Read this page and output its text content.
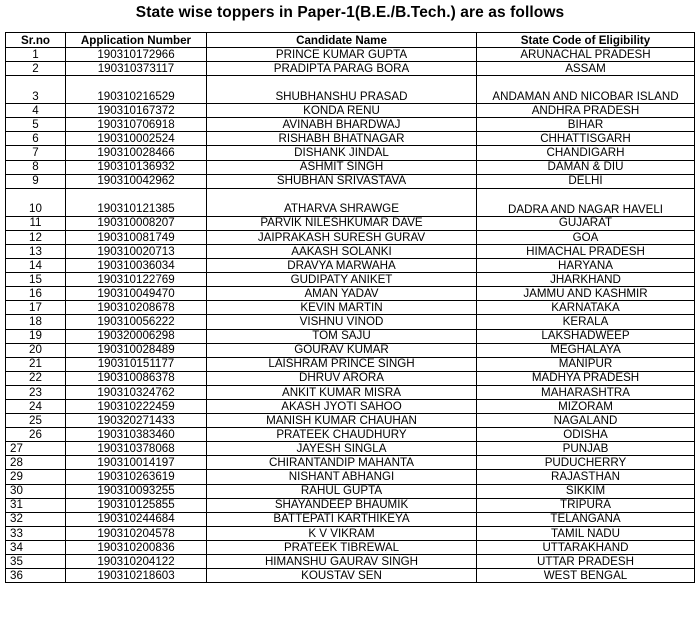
State wise toppers in Paper-1(B.E./B.Tech.) are as follows
Sr.no	Application Number	Candidate Name	State Code of Eligibility
1	190310172966	PRINCE KUMAR GUPTA	ARUNACHAL PRADESH
2	190310373117	PRADIPTA PARAG BORA	ASSAM
3	190310216529	SHUBHANSHU PRASAD	ANDAMAN AND NICOBAR ISLAND
4	190310167372	KONDA RENU	ANDHRA PRADESH
5	190310706918	AVINABH BHARDWAJ	BIHAR
6	190310002524	RISHABH BHATNAGAR	CHHATTISGARH
7	190310028466	DISHANK JINDAL	CHANDIGARH
8	190310136932	ASHMIT SINGH	DAMAN & DIU
9	190310042962	SHUBHAN SRIVASTAVA	DELHI
10	190310121385	ATHARVA SHRAWGE	DADRA AND NAGAR HAVELI
11	190310008207	PARVIK NILESHKUMAR DAVE	GUJARAT
12	190310081749	JAIPRAKASH SURESH GURAV	GOA
13	190310020713	AAKASH SOLANKI	HIMACHAL PRADESH
14	190310036034	DRAVYA MARWAHA	HARYANA
15	190310122769	GUDIPATY ANIKET	JHARKHAND
16	190310049470	AMAN YADAV	JAMMU AND KASHMIR
17	190310208678	KEVIN MARTIN	KARNATAKA
18	190310056222	VISHNU VINOD	KERALA
19	190320006298	TOM SAJU	LAKSHADWEEP
20	190310028489	GOURAV KUMAR	MEGHALAYA
21	190310151177	LAISHRAM PRINCE SINGH	MANIPUR
22	190310086378	DHRUV ARORA	MADHYA PRADESH
23	190310324762	ANKIT KUMAR MISRA	MAHARASHTRA
24	190310222459	AKASH JYOTI SAHOO	MIZORAM
25	190320271433	MANISH KUMAR CHAUHAN	NAGALAND
26	190310383460	PRATEEK CHAUDHURY	ODISHA
27	190310378068	JAYESH SINGLA	PUNJAB
28	190310014197	CHIRANTANDIP MAHANTA	PUDUCHERRY
29	190310263619	NISHANT ABHANGI	RAJASTHAN
30	190310093255	RAHUL GUPTA	SIKKIM
31	190310125855	SHAYANDEEP BHAUMIK	TRIPURA
32	190310244684	BATTEPATI KARTHIKEYA	TELANGANA
33	190310204578	K V VIKRAM	TAMIL NADU
34	190310200836	PRATEEK TIBREWAL	UTTARAKHAND
35	190310204122	HIMANSHU GAURAV SINGH	UTTAR PRADESH
36	190310218603	KOUSTAV SEN	WEST BENGAL
